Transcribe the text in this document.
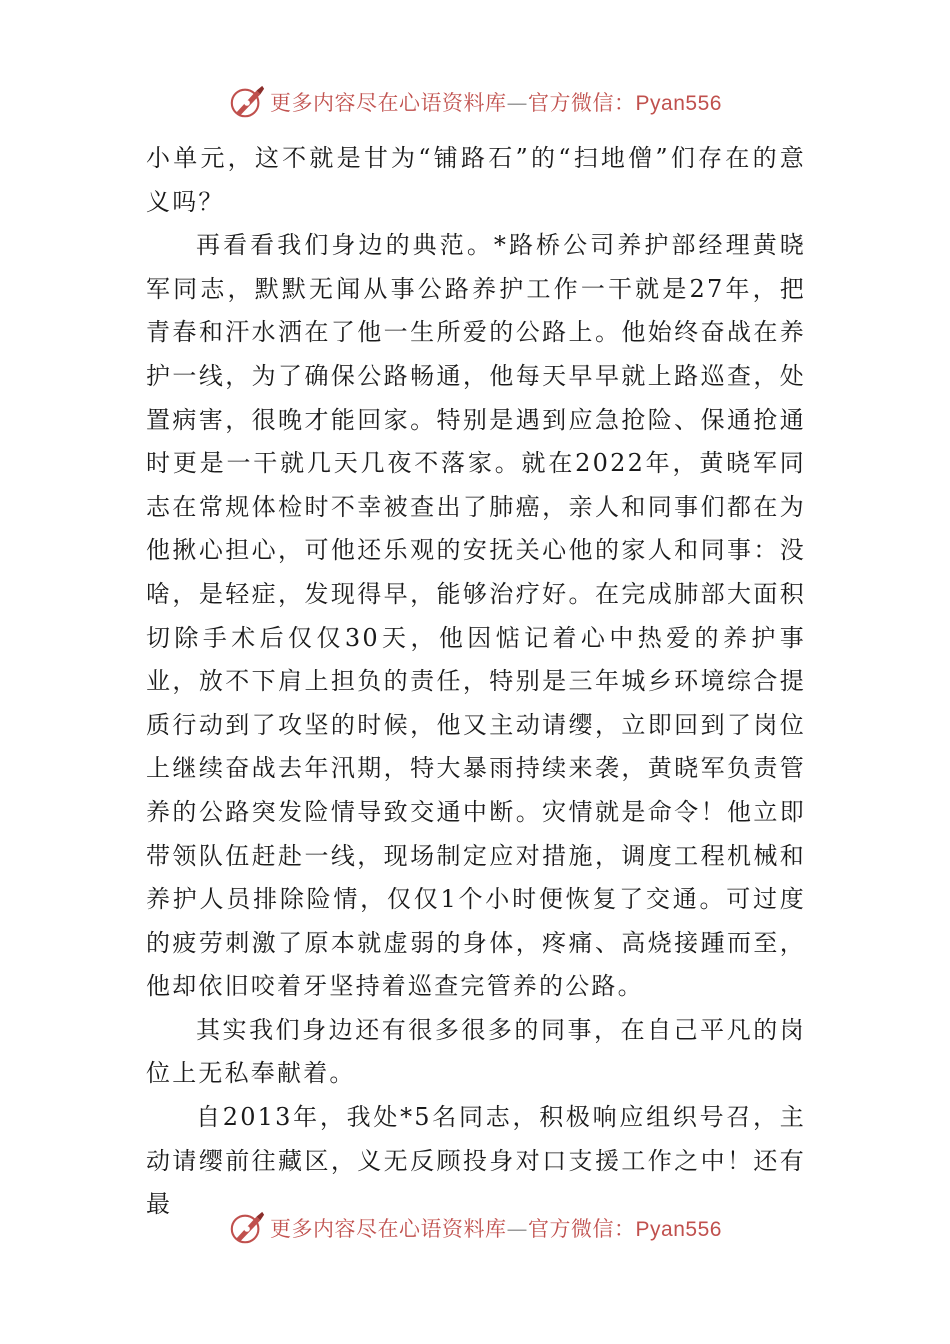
更多内容尽在心语资料库—官方微信：Pyan556

小单元，这不就是甘为“铺路石”的“扫地僧”们存在的意义吗？

再看看我们身边的典范。*路桥公司养护部经理黄晓军同志，默默无闻从事公路养护工作一干就是27年，把青春和汗水洒在了他一生所爱的公路上。他始终奋战在养护一线，为了确保公路畅通，他每天早早就上路巡查，处置病害，很晚才能回家。特别是遇到应急抢险、保通抢通时更是一干就几天几夜不落家。就在2022年，黄晓军同志在常规体检时不幸被查出了肺癌，亲人和同事们都在为他揪心担心，可他还乐观的安抚关心他的家人和同事：没啥，是轻症，发现得早，能够治疗好。在完成肺部大面积切除手术后仅仅30天，他因惦记着心中热爱的养护事业，放不下肩上担负的责任，特别是三年城乡环境综合提质行动到了攻坚的时候，他又主动请缨，立即回到了岗位上继续奋战去年汛期，特大暴雨持续来袭，黄晓军负责管养的公路突发险情导致交通中断。灾情就是命令！他立即带领队伍赶赴一线，现场制定应对措施，调度工程机械和养护人员排除险情，仅仅1个小时便恢复了交通。可过度的疲劳刺激了原本就虚弱的身体，疼痛、高烧接踵而至，他却依旧咬着牙坚持着巡查完管养的公路。

其实我们身边还有很多很多的同事，在自己平凡的岗位上无私奉献着。

自2013年，我处*5名同志，积极响应组织号召，主动请缨前往藏区，义无反顾投身对口支援工作之中！还有最

更多内容尽在心语资料库—官方微信：Pyan556
